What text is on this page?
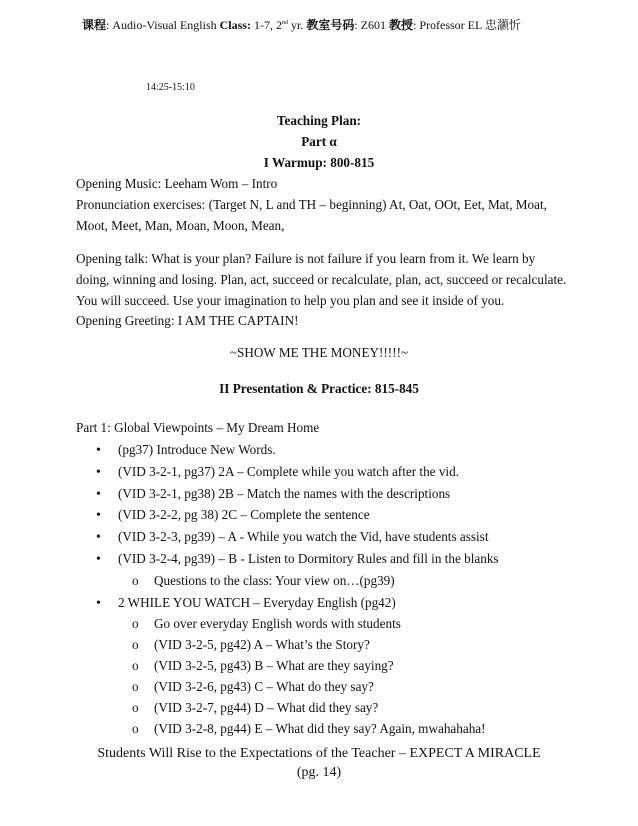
课程: Audio-Visual English Class: 1-7, 2nd yr. 教室号码: Z601 教授: Professor EL 忠灏忻
14:25-15:10
Teaching Plan:
Part α
I Warmup: 800-815
Opening Music: Leeham Wom – Intro
Pronunciation exercises: (Target N, L and TH – beginning) At, Oat, OOt, Eet, Mat, Moat,
Moot, Meet, Man, Moan, Moon, Mean,
Opening talk: What is your plan? Failure is not failure if you learn from it. We learn by
doing, winning and losing. Plan, act, succeed or recalculate, plan, act, succeed or recalculate.
You will succeed. Use your imagination to help you plan and see it inside of you.
Opening Greeting: I AM THE CAPTAIN!
~SHOW ME THE MONEY!!!!!~
II Presentation & Practice: 815-845
Part 1: Global Viewpoints – My Dream Home
• (pg37) Introduce New Words.
• (VID 3-2-1, pg37) 2A – Complete while you watch after the vid.
• (VID 3-2-1, pg38) 2B – Match the names with the descriptions
• (VID 3-2-2, pg 38) 2C – Complete the sentence
• (VID 3-2-3, pg39) – A - While you watch the Vid, have students assist
• (VID 3-2-4, pg39) – B - Listen to Dormitory Rules and fill in the blanks
o Questions to the class: Your view on…(pg39)
• 2 WHILE YOU WATCH – Everyday English (pg42)
o Go over everyday English words with students
o (VID 3-2-5, pg42) A – What’s the Story?
o (VID 3-2-5, pg43) B – What are they saying?
o (VID 3-2-6, pg43) C – What do they say?
o (VID 3-2-7, pg44) D – What did they say?
o (VID 3-2-8, pg44) E – What did they say? Again, mwahahaha!
Students Will Rise to the Expectations of the Teacher – EXPECT A MIRACLE
(pg. 14)
